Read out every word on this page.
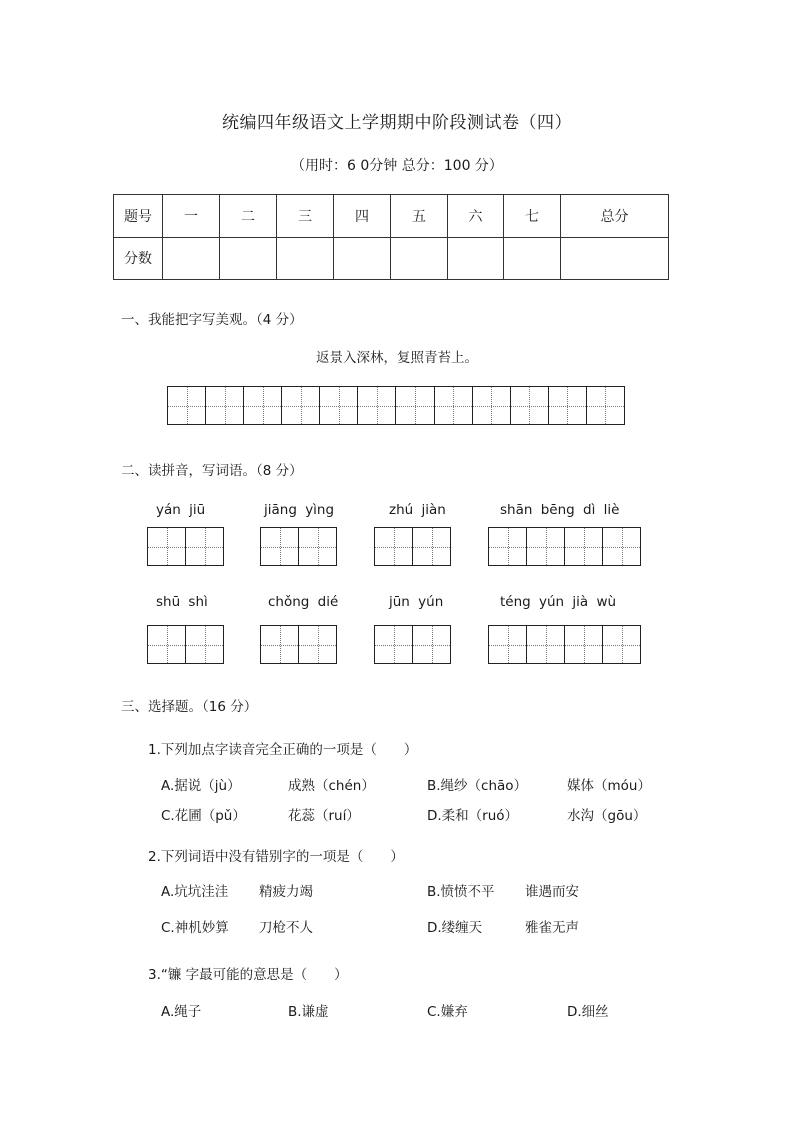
统编四年级语文上学期期中阶段测试卷（四）
（用时：6 0分钟 总分：100 分）
题号	一	二	三	四	五	六	七	总分
分数								
一、我能把字写美观。（4 分）
返景入深林，复照青苔上。
二、读拼音，写词语。（8 分）
yán jiū	jiāng yìng	zhú jiàn	shān bēng dì liè
shū shì	chǒng dié	jūn yún	téng yún jià wù
三、选择题。（16 分）
1.下列加点字读音完全正确的一项是（　　）
A.据说（jù）	成熟（chén）	B.绳纱（chāo）	媒体（móu）
C.花圃（pǔ）	花蕊（ruí）	D.柔和（ruó）	水沟（gōu）
2.下列词语中没有错别字的一项是（　　）
A.坑坑洼洼 精疲力竭	B.愤愤不平 谁遇而安
C.神机妙算 刀枪不人	D.缕缠天	雅雀无声
3.“镰 字最可能的意思是（　　）
A.绳子	B.谦虚	C.嫌弃	D.细丝
